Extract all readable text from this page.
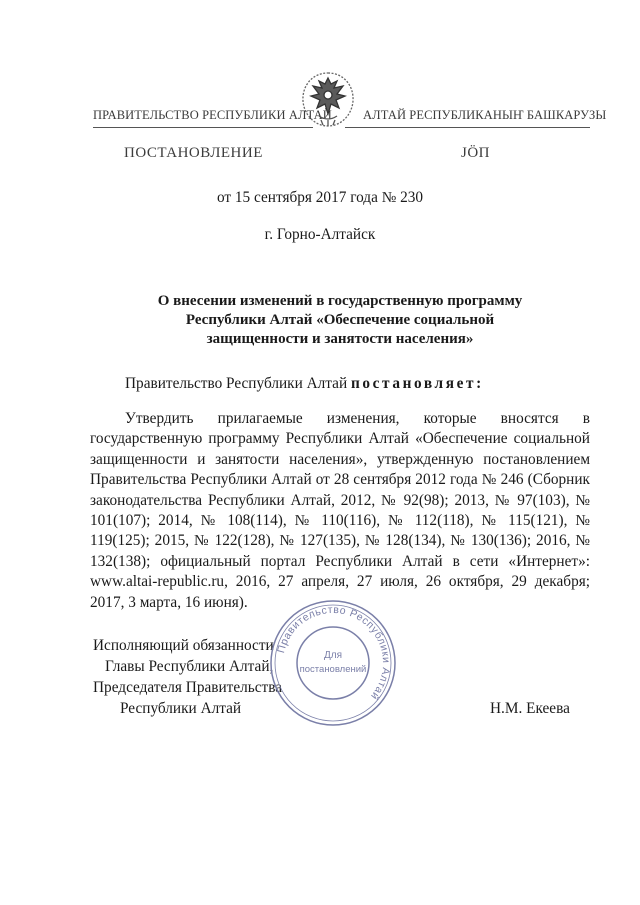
ПРАВИТЕЛЬСТВО РЕСПУБЛИКИ АЛТАЙ АЛТАЙ РЕСПУБЛИКАНЫҤ БАШКАРУЗЫ
ПОСТАНОВЛЕНИЕ	ЈӦП
от 15 сентября 2017 года № 230
г. Горно-Алтайск
О внесении изменений в государственную программу
Республики Алтай «Обеспечение социальной
защищенности и занятости населения»
Правительство Республики Алтай постановляет:
Утвердить прилагаемые изменения, которые вносятся в государственную программу Республики Алтай «Обеспечение социальной защищенности и занятости населения», утвержденную постановлением Правительства Республики Алтай от 28 сентября 2012 года № 246 (Сборник законодательства Республики Алтай, 2012, № 92(98); 2013, № 97(103), № 101(107); 2014, № 108(114), № 110(116), № 112(118), № 115(121), № 119(125); 2015, № 122(128), № 127(135), № 128(134), № 130(136); 2016, № 132(138); официальный портал Республики Алтай в сети «Интернет»: www.altai-republic.ru, 2016, 27 апреля, 27 июля, 26 октября, 29 декабря; 2017, 3 марта, 16 июня).
Исполняющий обязанности
Главы Республики Алтай,
Председателя Правительства
Республики Алтай	Н.М. Екеева
Правительство Республики Алтай
Для
постановлений
